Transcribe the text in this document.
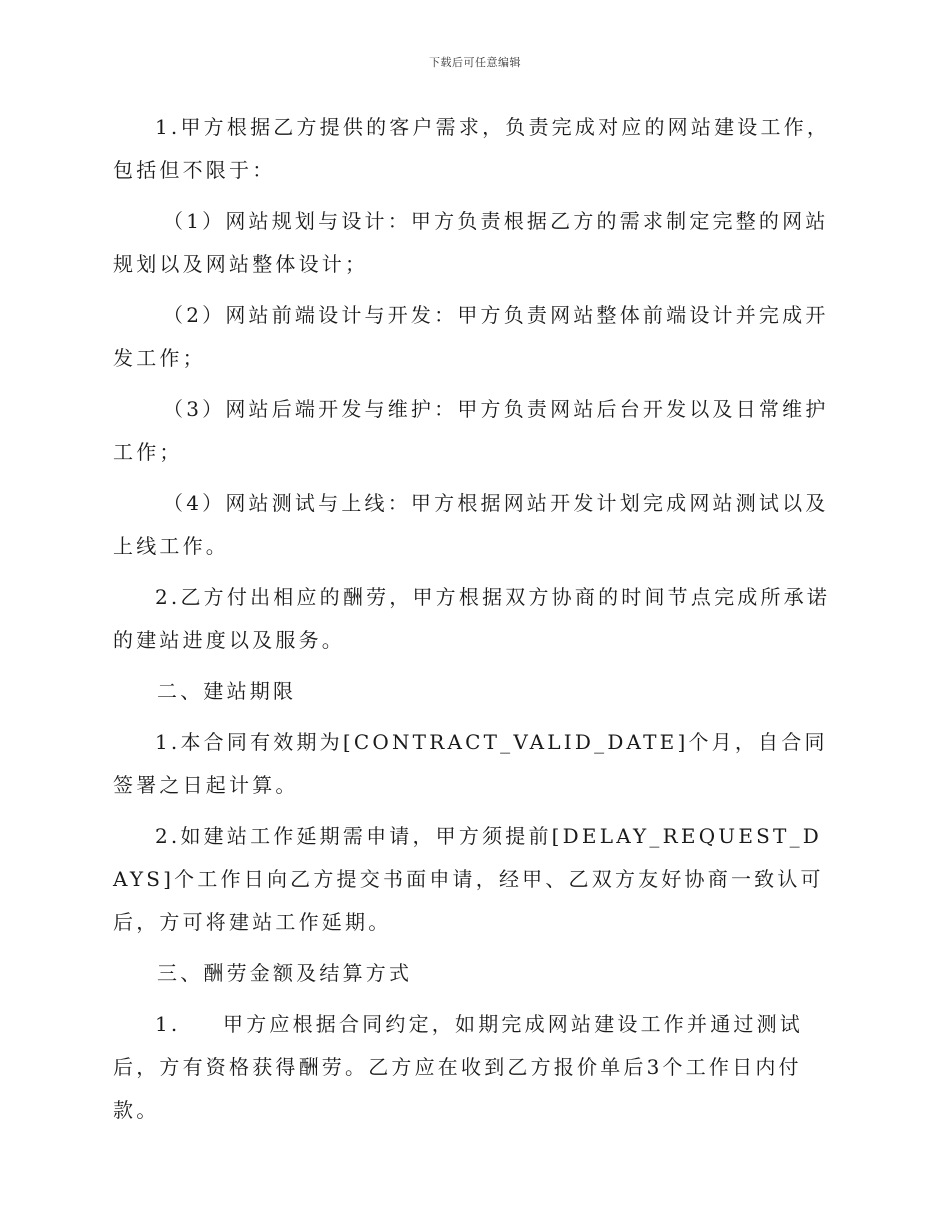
下载后可任意编辑

1.甲方根据乙方提供的客户需求，负责完成对应的网站建设工作，包括但不限于：

（1）网站规划与设计：甲方负责根据乙方的需求制定完整的网站规划以及网站整体设计；

（2）网站前端设计与开发：甲方负责网站整体前端设计并完成开发工作；

（3）网站后端开发与维护：甲方负责网站后台开发以及日常维护工作；

（4）网站测试与上线：甲方根据网站开发计划完成网站测试以及上线工作。

2.乙方付出相应的酬劳，甲方根据双方协商的时间节点完成所承诺的建站进度以及服务。

二、建站期限

1.本合同有效期为[CONTRACT_VALID_DATE]个月，自合同签署之日起计算。

2.如建站工作延期需申请，甲方须提前[DELAY_REQUEST_DAYS]个工作日向乙方提交书面申请，经甲、乙双方友好协商一致认可后，方可将建站工作延期。

三、酬劳金额及结算方式

1. 甲方应根据合同约定，如期完成网站建设工作并通过测试后，方有资格获得酬劳。乙方应在收到乙方报价单后3个工作日内付款。
